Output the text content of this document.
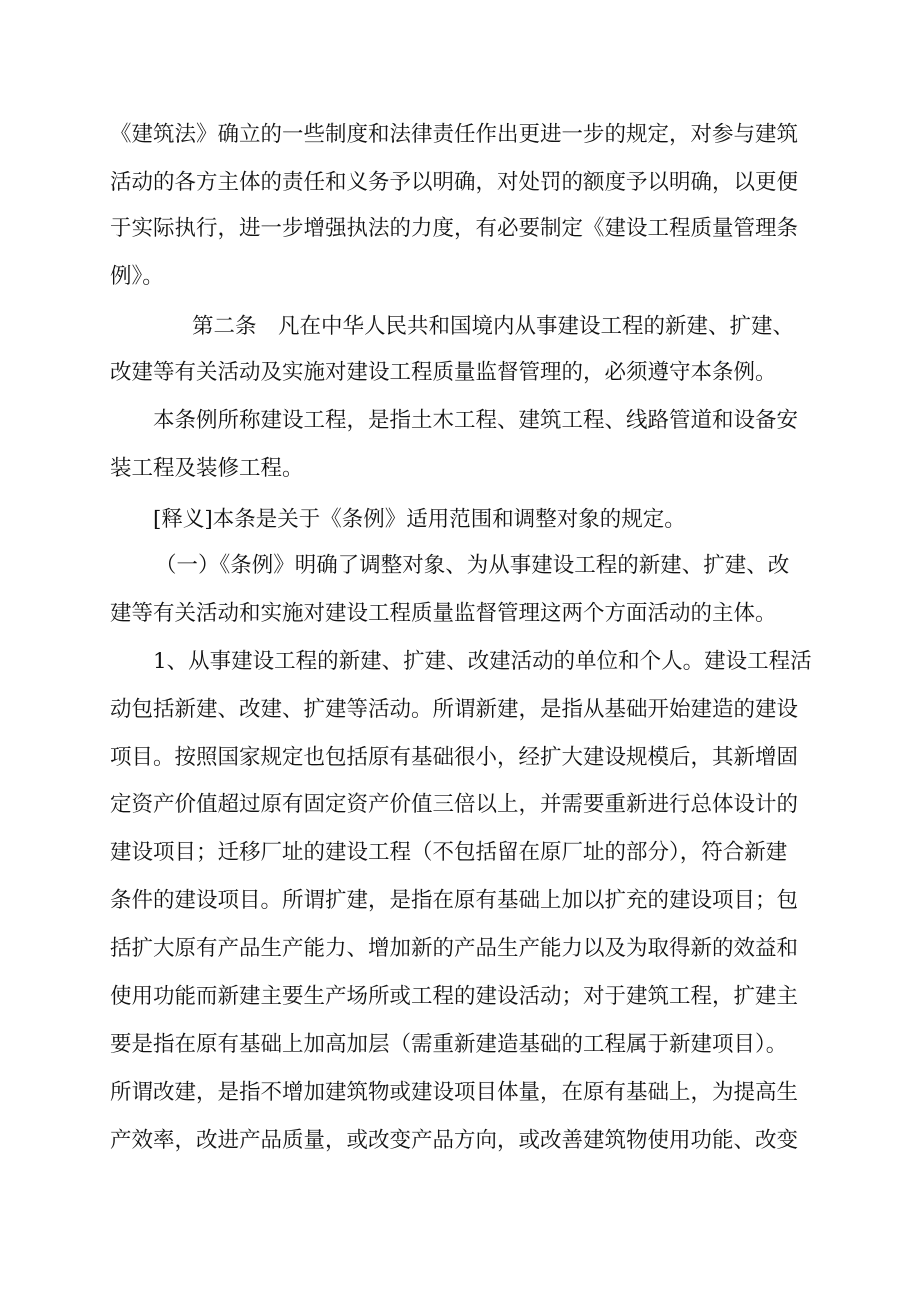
《建筑法》确立的一些制度和法律责任作出更进一步的规定，对参与建筑
活动的各方主体的责任和义务予以明确，对处罚的额度予以明确，以更便
于实际执行，进一步增强执法的力度，有必要制定《建设工程质量管理条
例》。
第二条　凡在中华人民共和国境内从事建设工程的新建、扩建、
改建等有关活动及实施对建设工程质量监督管理的，必须遵守本条例。
本条例所称建设工程，是指土木工程、建筑工程、线路管道和设备安
装工程及装修工程。
[释义]本条是关于《条例》适用范围和调整对象的规定。
（一）《条例》明确了调整对象、为从事建设工程的新建、扩建、改
建等有关活动和实施对建设工程质量监督管理这两个方面活动的主体。
1、从事建设工程的新建、扩建、改建活动的单位和个人。建设工程活
动包括新建、改建、扩建等活动。所谓新建，是指从基础开始建造的建设
项目。按照国家规定也包括原有基础很小，经扩大建设规模后，其新增固
定资产价值超过原有固定资产价值三倍以上，并需要重新进行总体设计的
建设项目；迁移厂址的建设工程（不包括留在原厂址的部分），符合新建
条件的建设项目。所谓扩建，是指在原有基础上加以扩充的建设项目；包
括扩大原有产品生产能力、增加新的产品生产能力以及为取得新的效益和
使用功能而新建主要生产场所或工程的建设活动；对于建筑工程，扩建主
要是指在原有基础上加高加层（需重新建造基础的工程属于新建项目）。
所谓改建，是指不增加建筑物或建设项目体量，在原有基础上，为提高生
产效率，改进产品质量，或改变产品方向，或改善建筑物使用功能、改变
